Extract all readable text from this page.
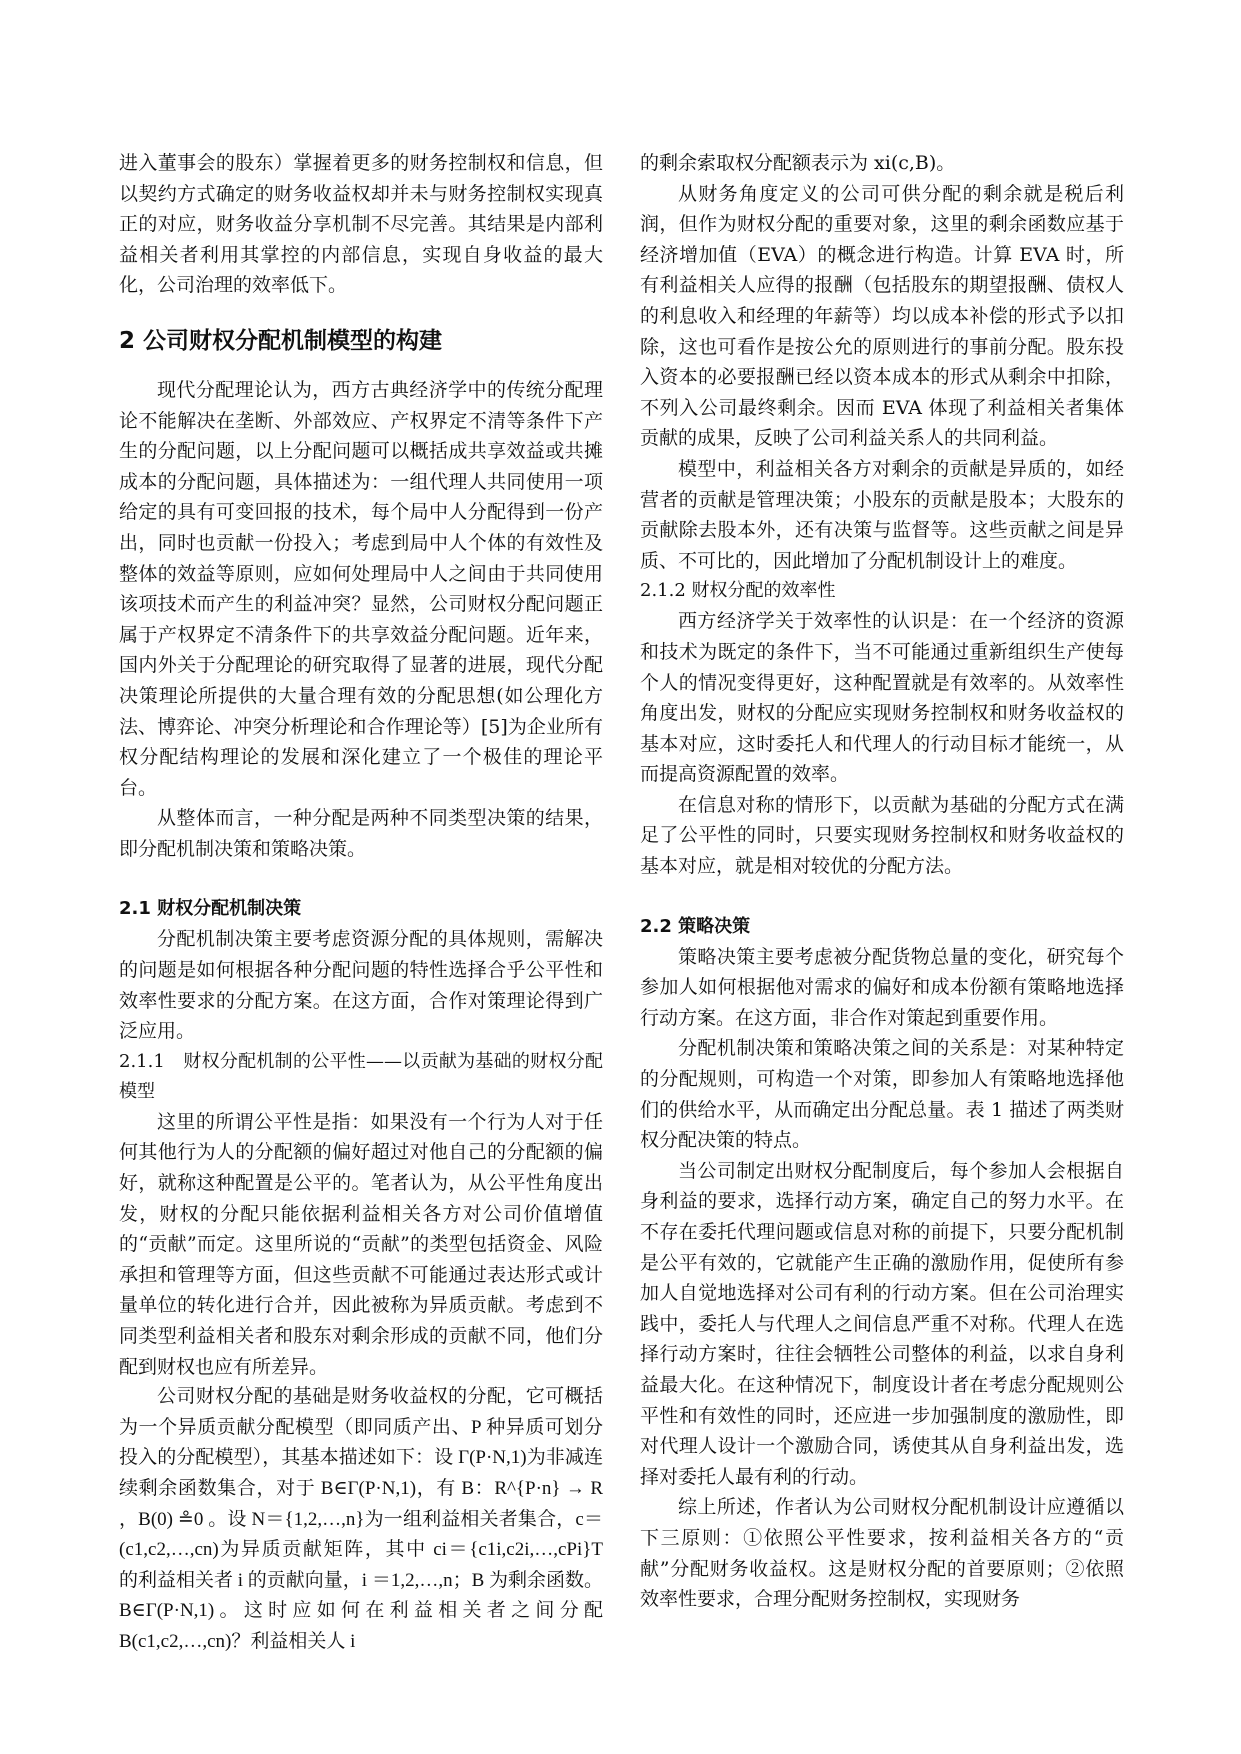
进入董事会的股东）掌握着更多的财务控制权和信息，但以契约方式确定的财务收益权却并未与财务控制权实现真正的对应，财务收益分享机制不尽完善。其结果是内部利益相关者利用其掌控的内部信息，实现自身收益的最大化，公司治理的效率低下。

2 公司财权分配机制模型的构建

现代分配理论认为，西方古典经济学中的传统分配理论不能解决在垄断、外部效应、产权界定不清等条件下产生的分配问题，以上分配问题可以概括成共享效益或共摊成本的分配问题，具体描述为：一组代理人共同使用一项给定的具有可变回报的技术，每个局中人分配得到一份产出，同时也贡献一份投入；考虑到局中人个体的有效性及整体的效益等原则，应如何处理局中人之间由于共同使用该项技术而产生的利益冲突？显然，公司财权分配问题正属于产权界定不清条件下的共享效益分配问题。近年来，国内外关于分配理论的研究取得了显著的进展，现代分配决策理论所提供的大量合理有效的分配思想(如公理化方法、博弈论、冲突分析理论和合作理论等）[5]为企业所有权分配结构理论的发展和深化建立了一个极佳的理论平台。

从整体而言，一种分配是两种不同类型决策的结果，即分配机制决策和策略决策。

2.1 财权分配机制决策

分配机制决策主要考虑资源分配的具体规则，需解决的问题是如何根据各种分配问题的特性选择合乎公平性和效率性要求的分配方案。在这方面，合作对策理论得到广泛应用。

2.1.1　财权分配机制的公平性——以贡献为基础的财权分配模型

这里的所谓公平性是指：如果没有一个行为人对于任何其他行为人的分配额的偏好超过对他自己的分配额的偏好，就称这种配置是公平的。笔者认为，从公平性角度出发，财权的分配只能依据利益相关各方对公司价值增值的“贡献”而定。这里所说的“贡献”的类型包括资金、风险承担和管理等方面，但这些贡献不可能通过表达形式或计量单位的转化进行合并，因此被称为异质贡献。考虑到不同类型利益相关者和股东对剩余形成的贡献不同，他们分配到财权也应有所差异。

公司财权分配的基础是财务收益权的分配，它可概括为一个异质贡献分配模型（即同质产出、P 种异质可划分投入的分配模型），其基本描述如下：设 Γ(P·N,1)为非减连续剩余函数集合，对于 B∈Γ(P·N,1)，有 B：R^{P·n} → R ，B(0) ≗0 。设 N＝{1,2,…,n}为一组利益相关者集合，c＝(c1,c2,…,cn)为异质贡献矩阵，其中 ci＝{c1i,c2i,…,cPi}T 的利益相关者 i 的贡献向量，i ＝1,2,…,n；B 为剩余函数。B∈Γ(P·N,1)。这时应如何在利益相关者之间分配 B(c1,c2,…,cn)？利益相关人 i

的剩余索取权分配额表示为 xi(c,B)。

从财务角度定义的公司可供分配的剩余就是税后利润，但作为财权分配的重要对象，这里的剩余函数应基于经济增加值（EVA）的概念进行构造。计算 EVA 时，所有利益相关人应得的报酬（包括股东的期望报酬、债权人的利息收入和经理的年薪等）均以成本补偿的形式予以扣除，这也可看作是按公允的原则进行的事前分配。股东投入资本的必要报酬已经以资本成本的形式从剩余中扣除，不列入公司最终剩余。因而 EVA 体现了利益相关者集体贡献的成果，反映了公司利益关系人的共同利益。

模型中，利益相关各方对剩余的贡献是异质的，如经营者的贡献是管理决策；小股东的贡献是股本；大股东的贡献除去股本外，还有决策与监督等。这些贡献之间是异质、不可比的，因此增加了分配机制设计上的难度。

2.1.2 财权分配的效率性

西方经济学关于效率性的认识是：在一个经济的资源和技术为既定的条件下，当不可能通过重新组织生产使每个人的情况变得更好，这种配置就是有效率的。从效率性角度出发，财权的分配应实现财务控制权和财务收益权的基本对应，这时委托人和代理人的行动目标才能统一，从而提高资源配置的效率。

在信息对称的情形下，以贡献为基础的分配方式在满足了公平性的同时，只要实现财务控制权和财务收益权的基本对应，就是相对较优的分配方法。

2.2 策略决策

策略决策主要考虑被分配货物总量的变化，研究每个参加人如何根据他对需求的偏好和成本份额有策略地选择行动方案。在这方面，非合作对策起到重要作用。

分配机制决策和策略决策之间的关系是：对某种特定的分配规则，可构造一个对策，即参加人有策略地选择他们的供给水平，从而确定出分配总量。表 1 描述了两类财权分配决策的特点。

当公司制定出财权分配制度后，每个参加人会根据自身利益的要求，选择行动方案，确定自己的努力水平。在不存在委托代理问题或信息对称的前提下，只要分配机制是公平有效的，它就能产生正确的激励作用，促使所有参加人自觉地选择对公司有利的行动方案。但在公司治理实践中，委托人与代理人之间信息严重不对称。代理人在选择行动方案时，往往会牺牲公司整体的利益，以求自身利益最大化。在这种情况下，制度设计者在考虑分配规则公平性和有效性的同时，还应进一步加强制度的激励性，即对代理人设计一个激励合同，诱使其从自身利益出发，选择对委托人最有利的行动。

综上所述，作者认为公司财权分配机制设计应遵循以下三原则：①依照公平性要求，按利益相关各方的“贡献”分配财务收益权。这是财权分配的首要原则；②依照效率性要求，合理分配财务控制权，实现财务
